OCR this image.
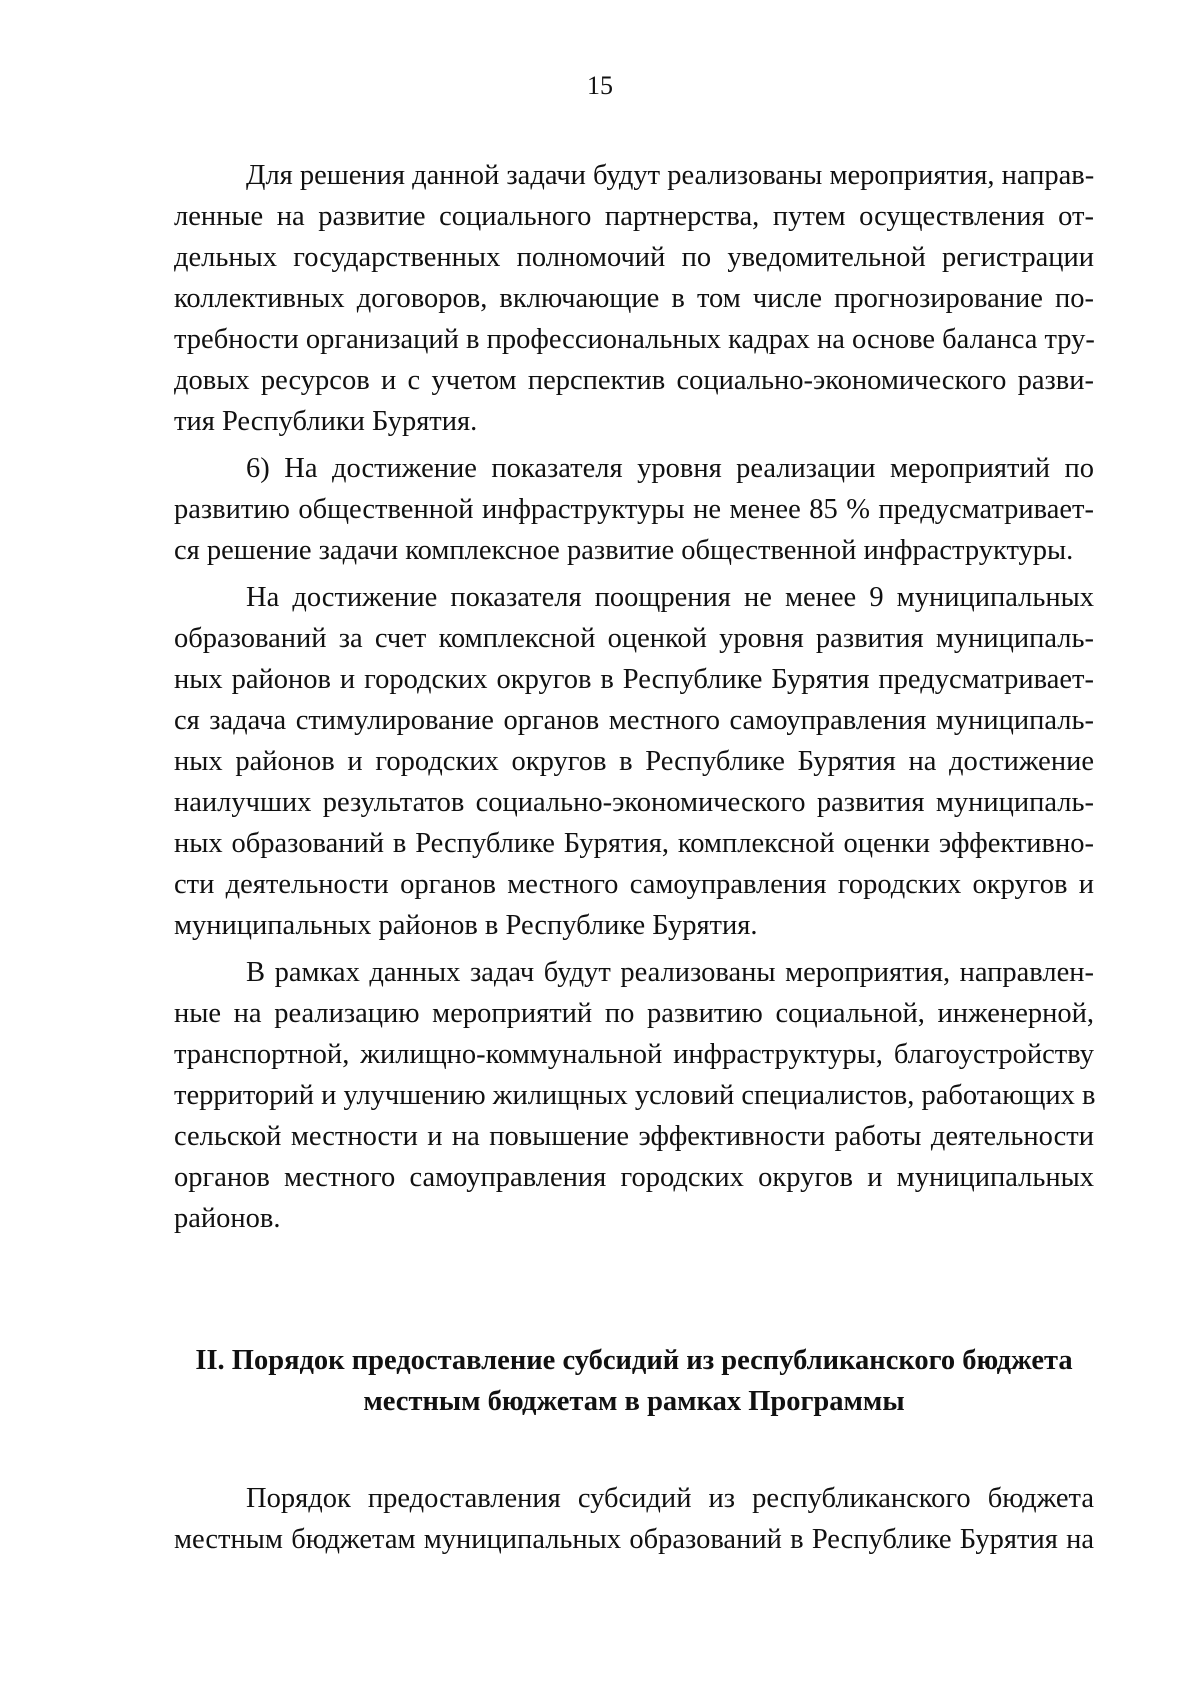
15
Для решения данной задачи будут реализованы мероприятия, направ-
ленные на развитие социального партнерства, путем осуществления от-
дельных государственных полномочий по уведомительной регистрации
коллективных договоров, включающие в том числе прогнозирование по-
требности организаций в профессиональных кадрах на основе баланса тру-
довых ресурсов и с учетом перспектив социально-экономического разви-
тия Республики Бурятия.
6) На достижение показателя уровня реализации мероприятий по
развитию общественной инфраструктуры не менее 85 % предусматривает-
ся решение задачи комплексное развитие общественной инфраструктуры.
На достижение показателя поощрения не менее 9 муниципальных
образований за счет комплексной оценкой уровня развития муниципаль-
ных районов и городских округов в Республике Бурятия предусматривает-
ся задача стимулирование органов местного самоуправления муниципаль-
ных районов и городских округов в Республике Бурятия на достижение
наилучших результатов социально-экономического развития муниципаль-
ных образований в Республике Бурятия, комплексной оценки эффективно-
сти деятельности органов местного самоуправления городских округов и
муниципальных районов в Республике Бурятия.
В рамках данных задач будут реализованы мероприятия, направлен-
ные на реализацию мероприятий по развитию социальной, инженерной,
транспортной, жилищно-коммунальной инфраструктуры, благоустройству
территорий и улучшению жилищных условий специалистов, работающих в
сельской местности и на повышение эффективности работы деятельности
органов местного самоуправления городских округов и муниципальных
районов.
II. Порядок предоставление субсидий из республиканского бюджета
местным бюджетам в рамках Программы
Порядок предоставления субсидий из республиканского бюджета
местным бюджетам муниципальных образований в Республике Бурятия на
